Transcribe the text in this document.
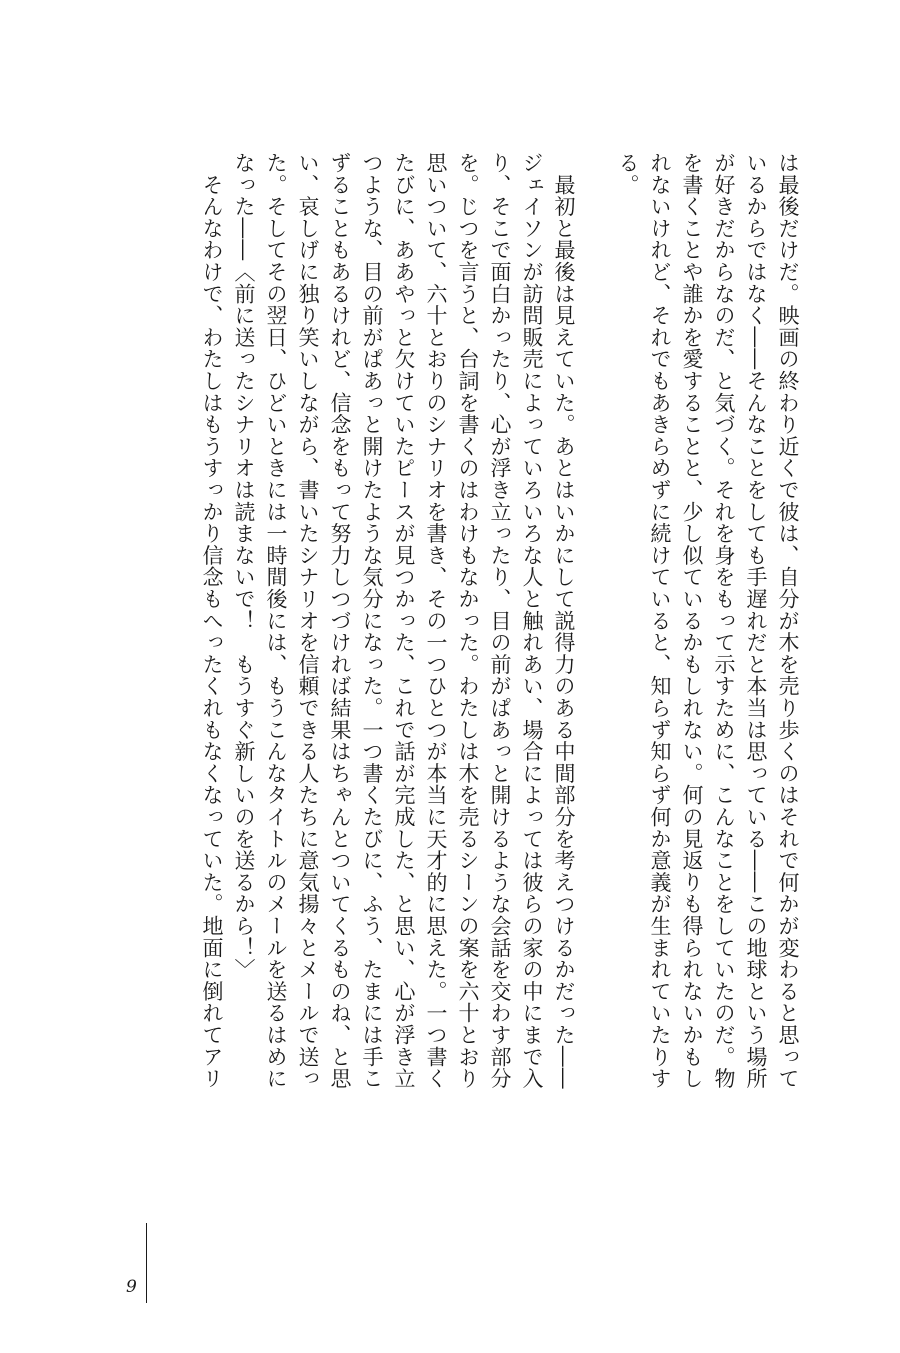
は最後だけだ。映画の終わり近くで彼は、自分が木を売り歩くのはそれで何かが変わると思って
いるからではなく――そんなことをしても手遅れだと本当は思っている――この地球という場所
が好きだからなのだ、と気づく。それを身をもって示すために、こんなことをしていたのだ。物
を書くことや誰かを愛することと、少し似ているかもしれない。何の見返りも得られないかもし
れないけれど、それでもあきらめずに続けていると、知らず知らず何か意義が生まれていたりす
る。
　最初と最後は見えていた。あとはいかにして説得力のある中間部分を考えつけるかだった――
ジェイソンが訪問販売によっていろいろな人と触れあい、場合によっては彼らの家の中にまで入
り、そこで面白かったり、心が浮き立ったり、目の前がぱあっと開けるような会話を交わす部分
を。じつを言うと、台詞を書くのはわけもなかった。わたしは木を売るシーンの案を六十とおり
思いついて、六十とおりのシナリオを書き、その一つひとつが本当に天才的に思えた。一つ書く
たびに、ああやっと欠けていたピースが見つかった、これで話が完成した、と思い、心が浮き立
つような、目の前がぱあっと開けたような気分になった。一つ書くたびに、ふう、たまには手こ
ずることもあるけれど、信念をもって努力しつづければ結果はちゃんとついてくるものね、と思
い、哀しげに独り笑いしながら、書いたシナリオを信頼できる人たちに意気揚々とメールで送っ
た。そしてその翌日、ひどいときには一時間後には、もうこんなタイトルのメールを送るはめに
なった――〈前に送ったシナリオは読まないで！　もうすぐ新しいのを送るから！〉
　そんなわけで、わたしはもうすっかり信念もへったくれもなくなっていた。地面に倒れてアリ
9
